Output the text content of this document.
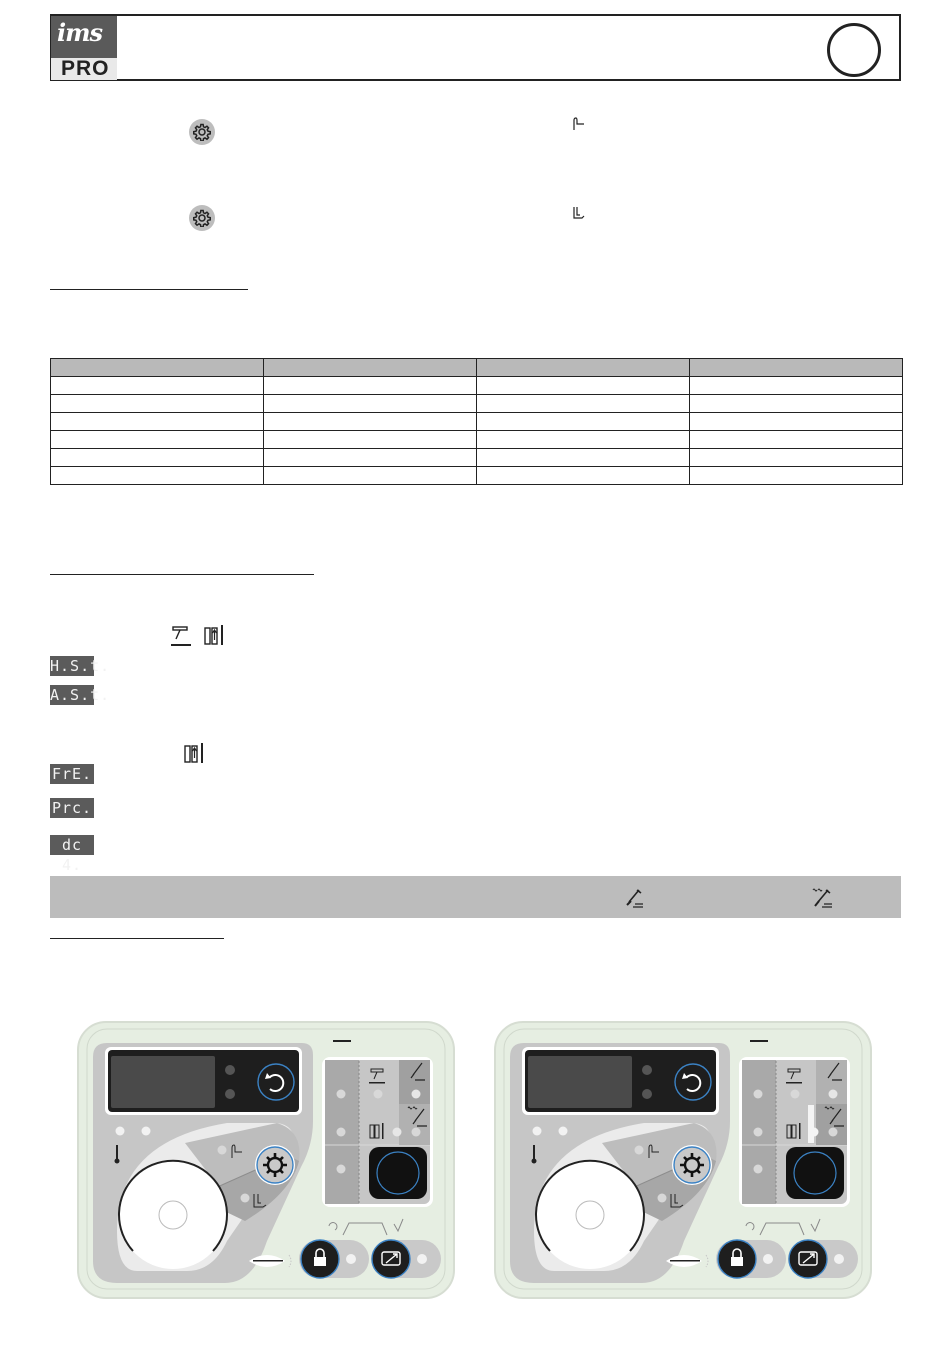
ims
PRO

H.S.t.
A.S.t.
FrE.
Prc.
dc 4.
